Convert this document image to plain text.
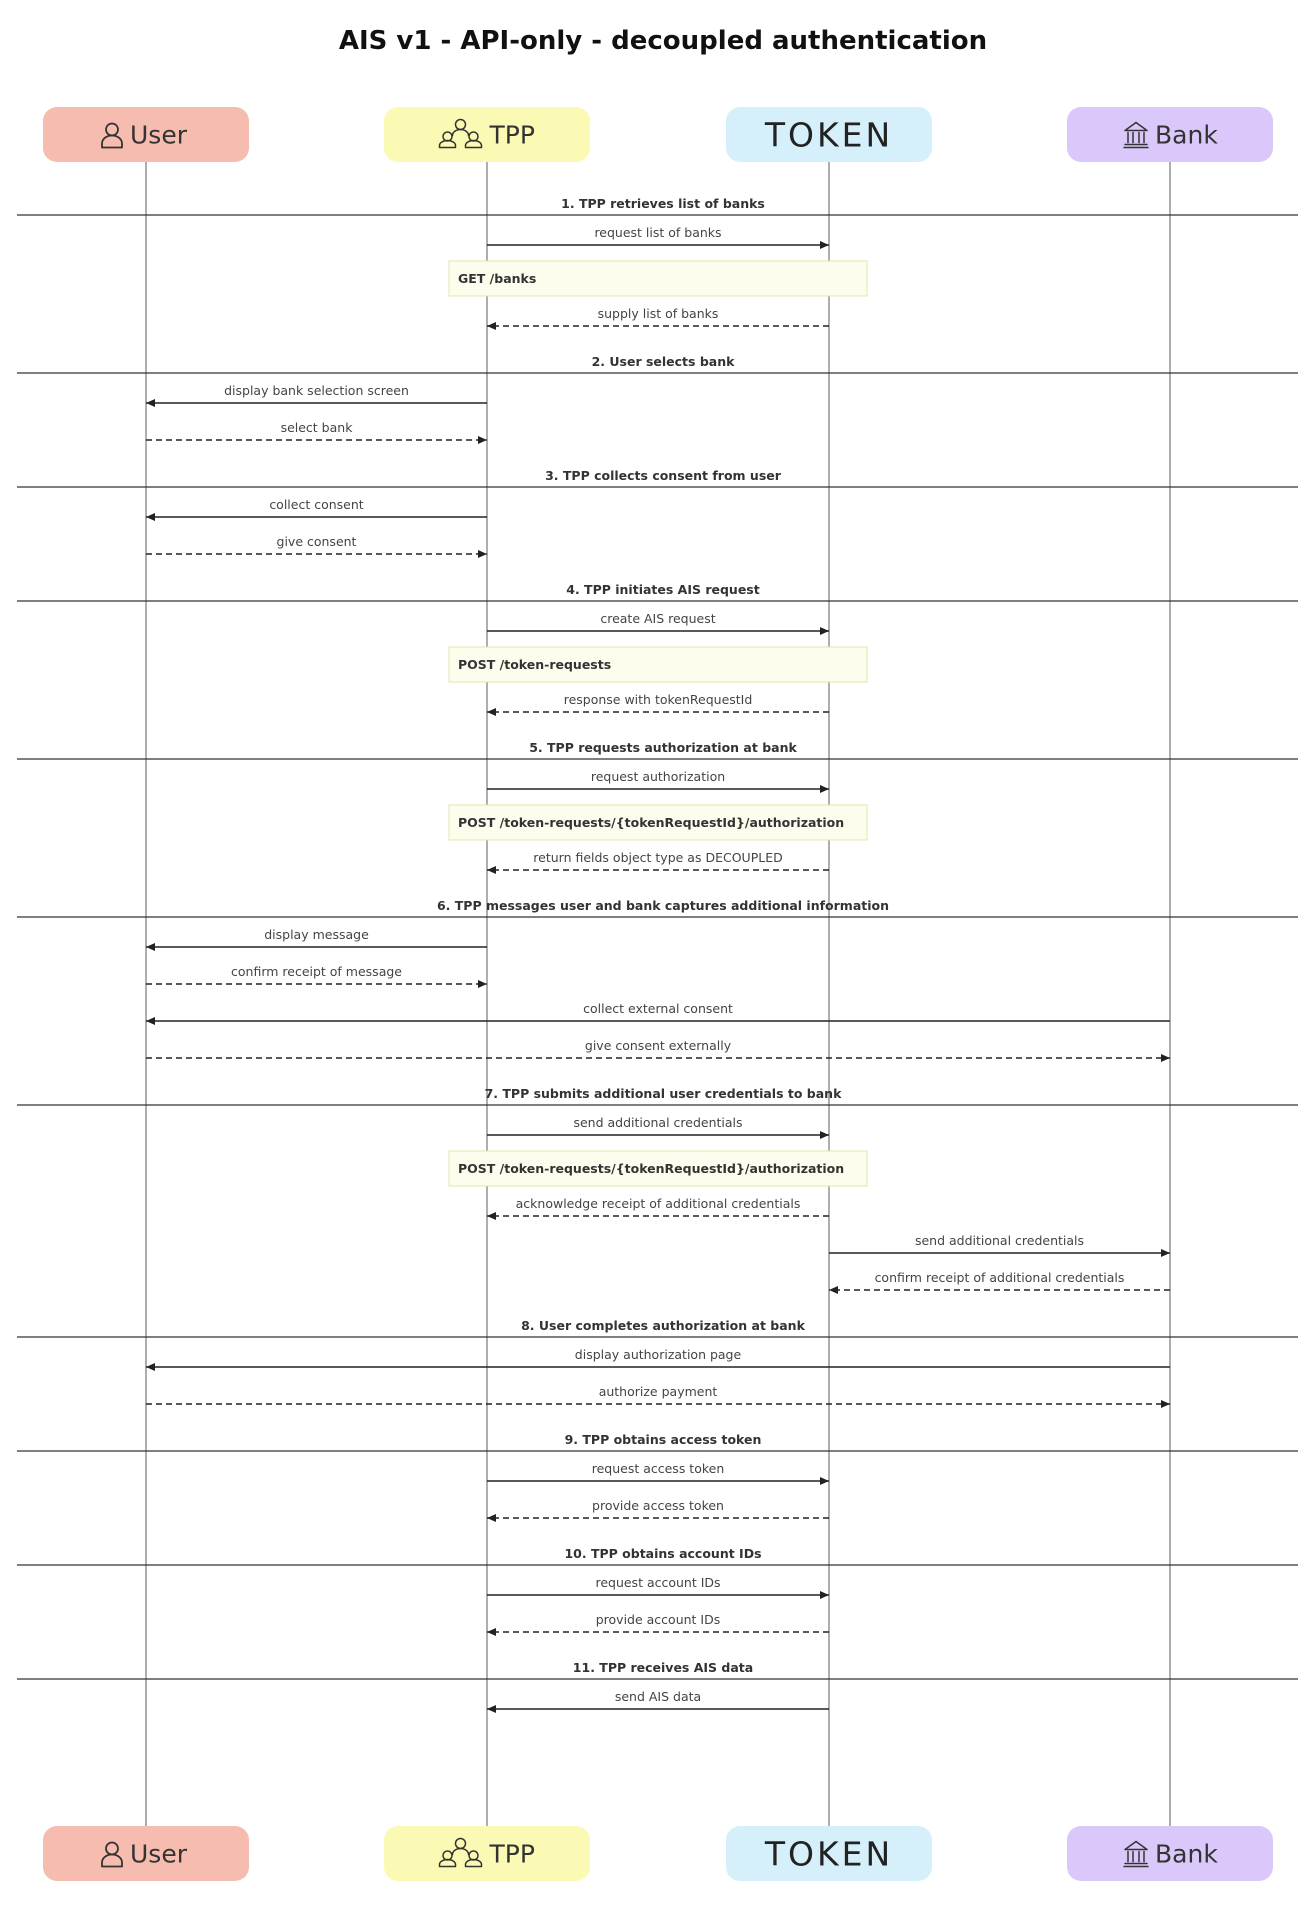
AIS v1 - API-only - decoupled authentication
1. TPP retrieves list of banks
request list of banks
GET /banks
supply list of banks
2. User selects bank
display bank selection screen
select bank
3. TPP collects consent from user
collect consent
give consent
4. TPP initiates AIS request
create AIS request
POST /token-requests
response with tokenRequestId
5. TPP requests authorization at bank
request authorization
POST /token-requests/{tokenRequestId}/authorization
return fields object type as DECOUPLED
6. TPP messages user and bank captures additional information
display message
confirm receipt of message
collect external consent
give consent externally
7. TPP submits additional user credentials to bank
send additional credentials
POST /token-requests/{tokenRequestId}/authorization
acknowledge receipt of additional credentials
send additional credentials
confirm receipt of additional credentials
8. User completes authorization at bank
display authorization page
authorize payment
9. TPP obtains access token
request access token
provide access token
10. TPP obtains account IDs
request account IDs
provide account IDs
11. TPP receives AIS data
send AIS data
User	TPP	TOKEN	Bank
User	TPP	TOKEN	Bank
